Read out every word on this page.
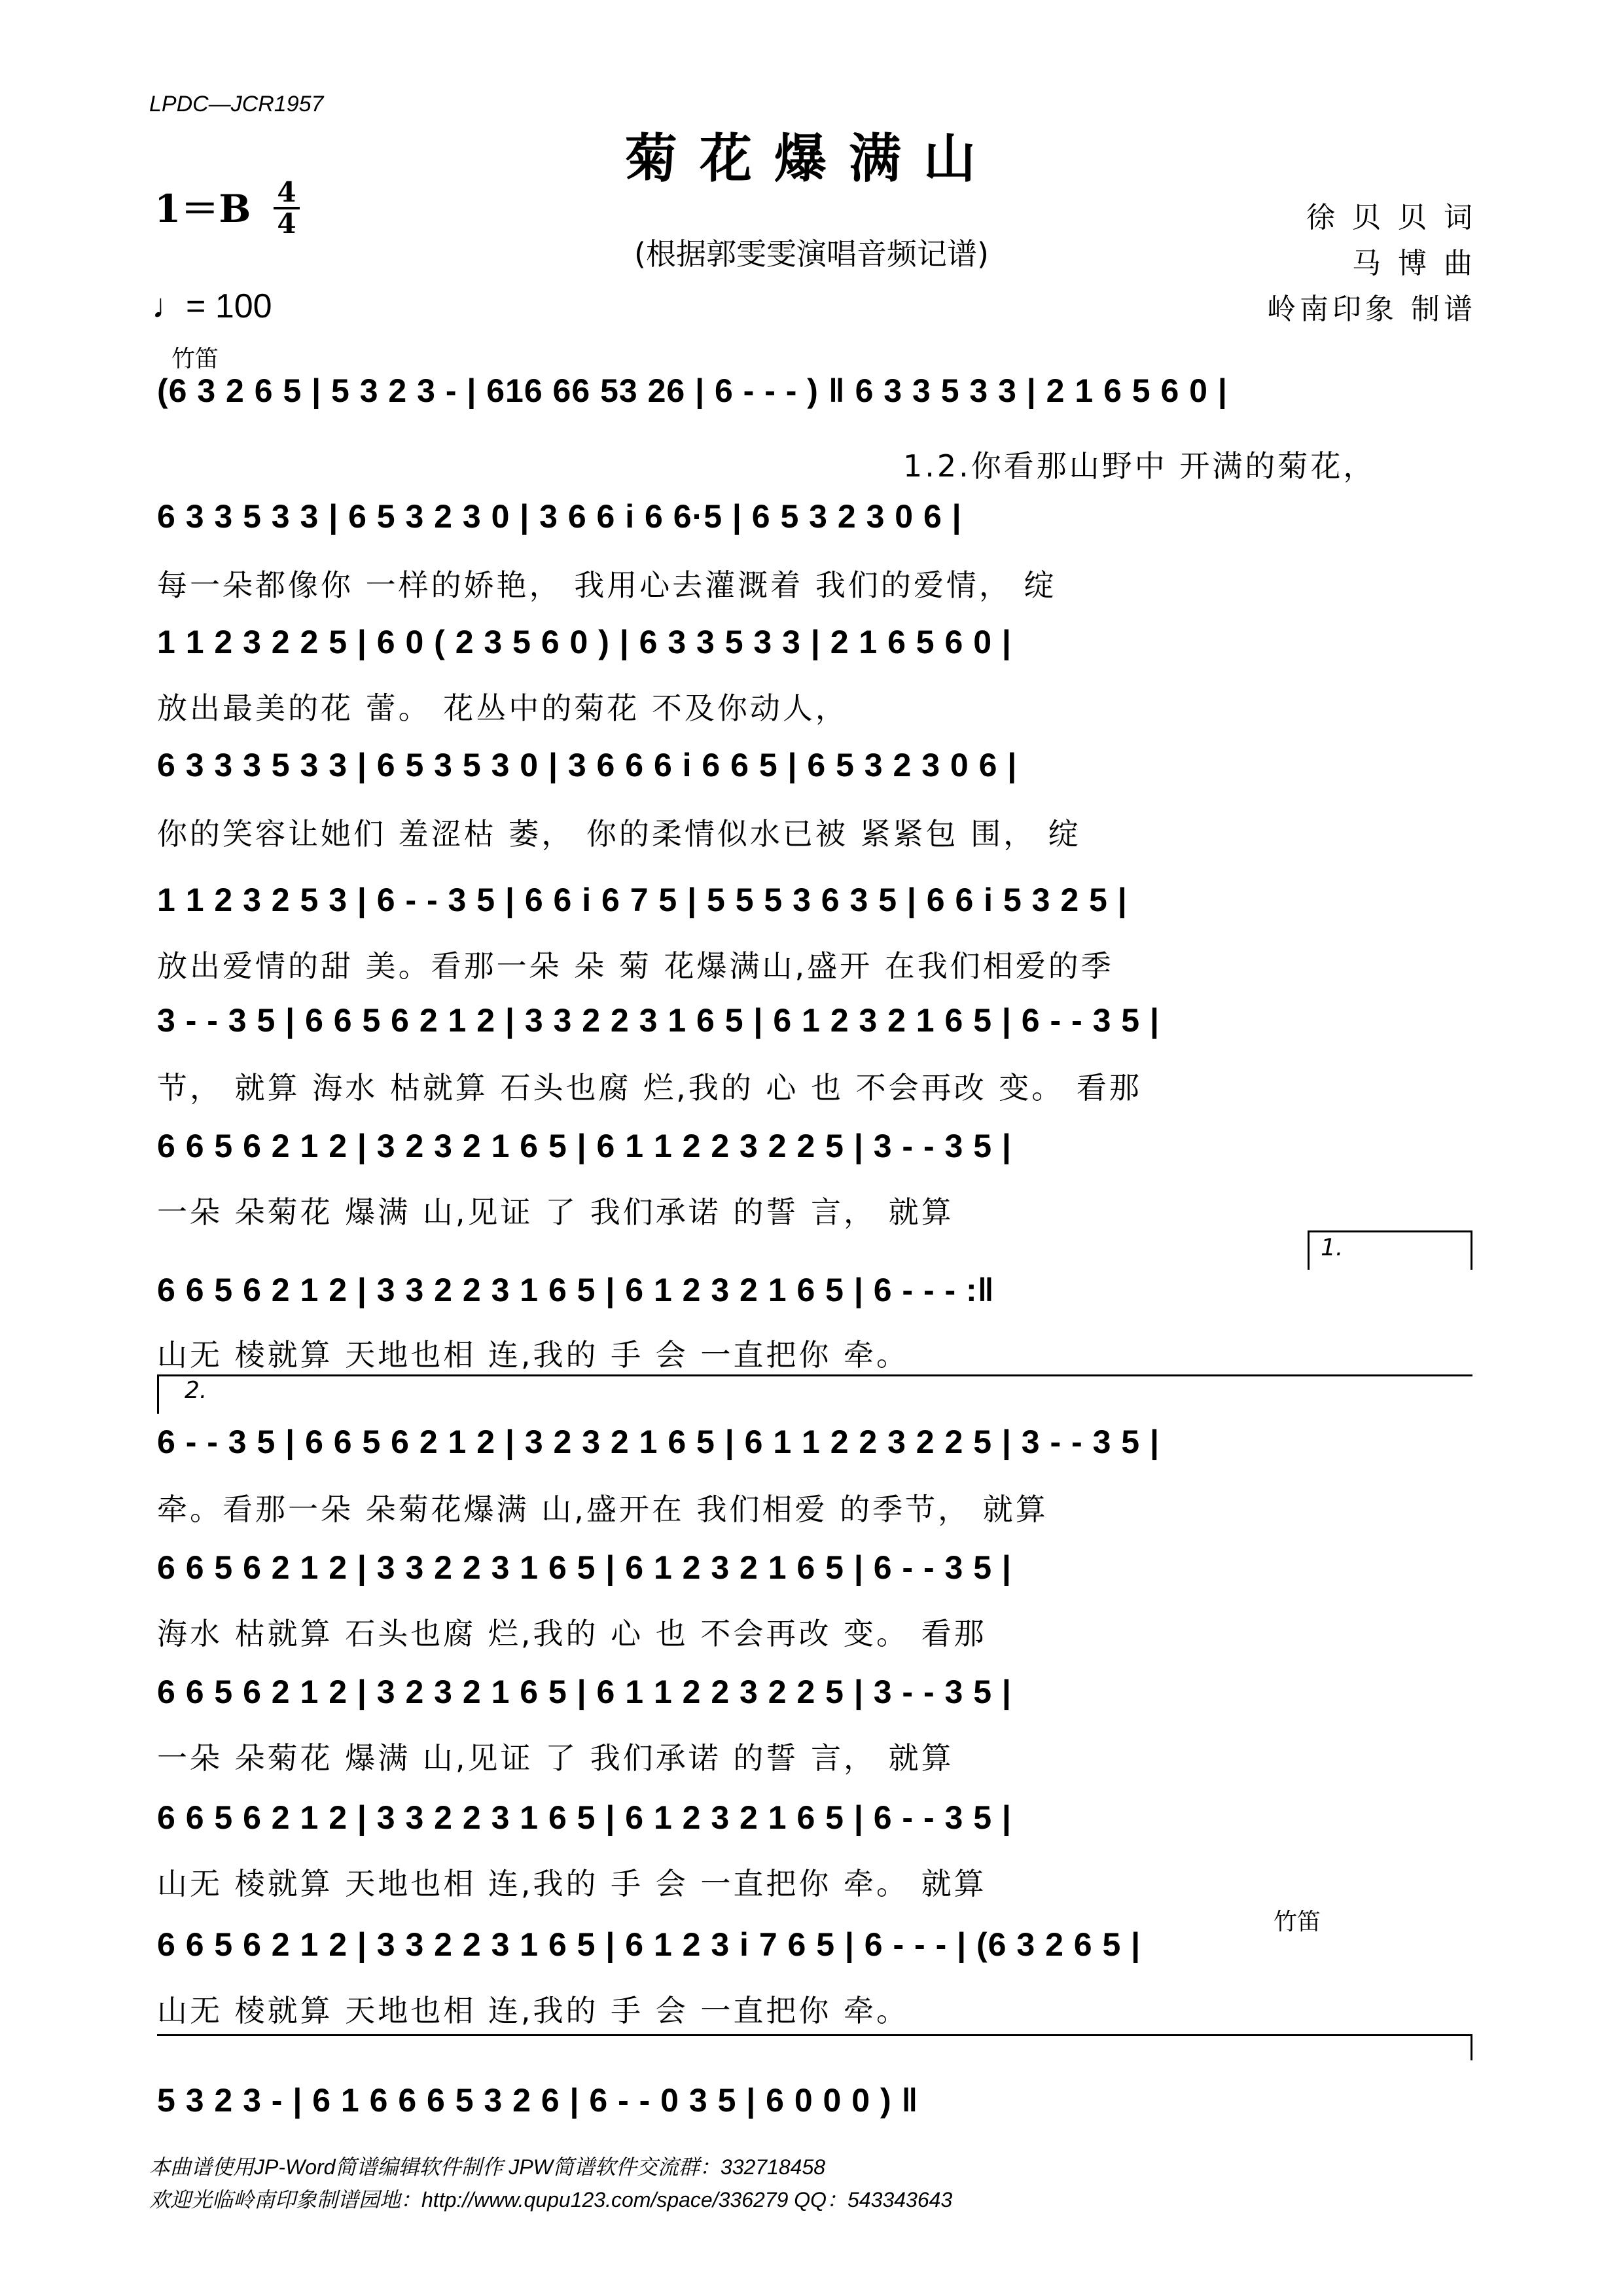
LPDC—JCR1957
菊花爆满山
1＝B 4
4
♩= 100
(根据郭雯雯演唱音频记谱)
徐 贝 贝 词
马 博 曲
岭南印象 制谱
竹笛
竹笛
(6 3 2 6 5 | 5 3 2 3 - | 616 66 53 26 | 6 - - - ) ‖ 6 3 3 5 3 3 | 2 1 6 5 6 0 |
1.2.你看那山野中 开满的菊花，
6 3 3 5 3 3 | 6 5 3 2 3 0 | 3 6 6 i 6 6·5 | 6 5 3 2 3 0 6 |
每一朵都像你 一样的娇艳， 我用心去灌溉着 我们的爱情， 绽
1 1 2 3 2 2 5 | 6 0 ( 2 3 5 6 0 ) | 6 3 3 5 3 3 | 2 1 6 5 6 0 |
放出最美的花 蕾。 花丛中的菊花 不及你动人，
6 3 3 3 5 3 3 | 6 5 3 5 3 0 | 3 6 6 6 i 6 6 5 | 6 5 3 2 3 0 6 |
你的笑容让她们 羞涩枯 萎， 你的柔情似水已被 紧紧包 围， 绽
1 1 2 3 2 5 3 | 6 - - 3 5 | 6 6 i 6 7 5 | 5 5 5 3 6 3 5 | 6 6 i 5 3 2 5 |
放出爱情的甜 美。看那一朵 朵 菊 花爆满山,盛开 在我们相爱的季
3 - - 3 5 | 6 6 5 6 2 1 2 | 3 3 2 2 3 1 6 5 | 6 1 2 3 2 1 6 5 | 6 - - 3 5 |
节， 就算 海水 枯就算 石头也腐 烂,我的 心 也 不会再改 变。 看那
6 6 5 6 2 1 2 | 3 2 3 2 1 6 5 | 6 1 1 2 2 3 2 2 5 | 3 - - 3 5 |
一朵 朵菊花 爆满 山,见证 了 我们承诺 的誓 言， 就算
1.
6 6 5 6 2 1 2 | 3 3 2 2 3 1 6 5 | 6 1 2 3 2 1 6 5 | 6 - - - :‖
山无 棱就算 天地也相 连,我的 手 会 一直把你 牵。
2.
6 - - 3 5 | 6 6 5 6 2 1 2 | 3 2 3 2 1 6 5 | 6 1 1 2 2 3 2 2 5 | 3 - - 3 5 |
牵。看那一朵 朵菊花爆满 山,盛开在 我们相爱 的季节， 就算
6 6 5 6 2 1 2 | 3 3 2 2 3 1 6 5 | 6 1 2 3 2 1 6 5 | 6 - - 3 5 |
海水 枯就算 石头也腐 烂,我的 心 也 不会再改 变。 看那
6 6 5 6 2 1 2 | 3 2 3 2 1 6 5 | 6 1 1 2 2 3 2 2 5 | 3 - - 3 5 |
一朵 朵菊花 爆满 山,见证 了 我们承诺 的誓 言， 就算
6 6 5 6 2 1 2 | 3 3 2 2 3 1 6 5 | 6 1 2 3 2 1 6 5 | 6 - - 3 5 |
山无 棱就算 天地也相 连,我的 手 会 一直把你 牵。 就算
6 6 5 6 2 1 2 | 3 3 2 2 3 1 6 5 | 6 1 2 3 i 7 6 5 | 6 - - - | (6 3 2 6 5 |
山无 棱就算 天地也相 连,我的 手 会 一直把你 牵。
5 3 2 3 - | 6 1 6 6 6 5 3 2 6 | 6 - - 0 3 5 | 6 0 0 0 ) ‖
本曲谱使用JP-Word简谱编辑软件制作 JPW简谱软件交流群：332718458
欢迎光临岭南印象制谱园地：http://www.qupu123.com/space/336279 QQ：543343643
